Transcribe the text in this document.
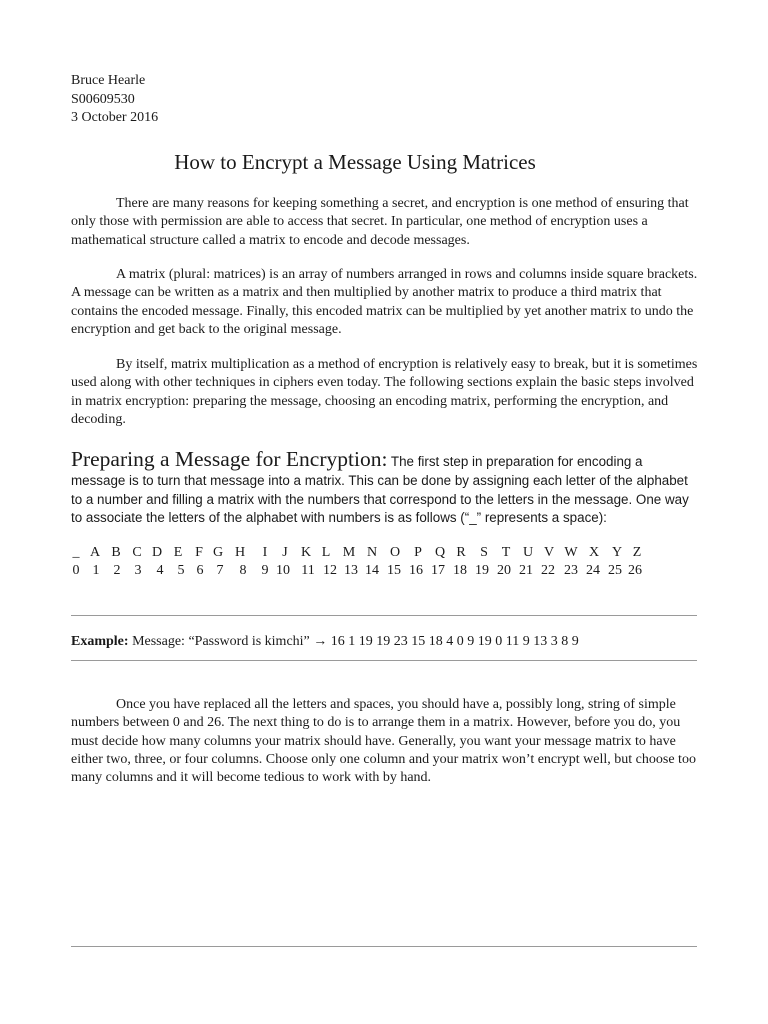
Bruce Hearle
S00609530
3 October 2016
How to Encrypt a Message Using Matrices

There are many reasons for keeping something a secret, and encryption is one method of ensuring that only those with permission are able to access that secret. In particular, one method of encryption uses a mathematical structure called a matrix to encode and decode messages.

A matrix (plural: matrices) is an array of numbers arranged in rows and columns inside square brackets. A message can be written as a matrix and then multiplied by another matrix to produce a third matrix that contains the encoded message. Finally, this encoded matrix can be multiplied by yet another matrix to undo the encryption and get back to the original message.

By itself, matrix multiplication as a method of encryption is relatively easy to break, but it is sometimes used along with other techniques in ciphers even today. The following sections explain the basic steps involved in matrix encryption: preparing the message, choosing an encoding matrix, performing the encryption, and decoding.

Preparing a Message for Encryption: The first step in preparation for encoding a message is to turn that message into a matrix. This can be done by assigning each letter of the alphabet to a number and filling a matrix with the numbers that correspond to the letters in the message. One way to associate the letters of the alphabet with numbers is as follows (“_” represents a space):

_ A B C D E F G H I J K L M N O P Q R S T U V W X Y Z
0 1 2 3 4 5 6 7 8 9 10 11 12 13 14 15 16 17 18 19 20 21 22 23 24 25 26
Example: Message: “Password is kimchi” → 16 1 19 19 23 15 18 4 0 9 19 0 11 9 13 3 8 9

Once you have replaced all the letters and spaces, you should have a, possibly long, string of simple numbers between 0 and 26. The next thing to do is to arrange them in a matrix. However, before you do, you must decide how many columns your matrix should have. Generally, you want your message matrix to have either two, three, or four columns. Choose only one column and your matrix won’t encrypt well, but choose too many columns and it will become tedious to work with by hand.
